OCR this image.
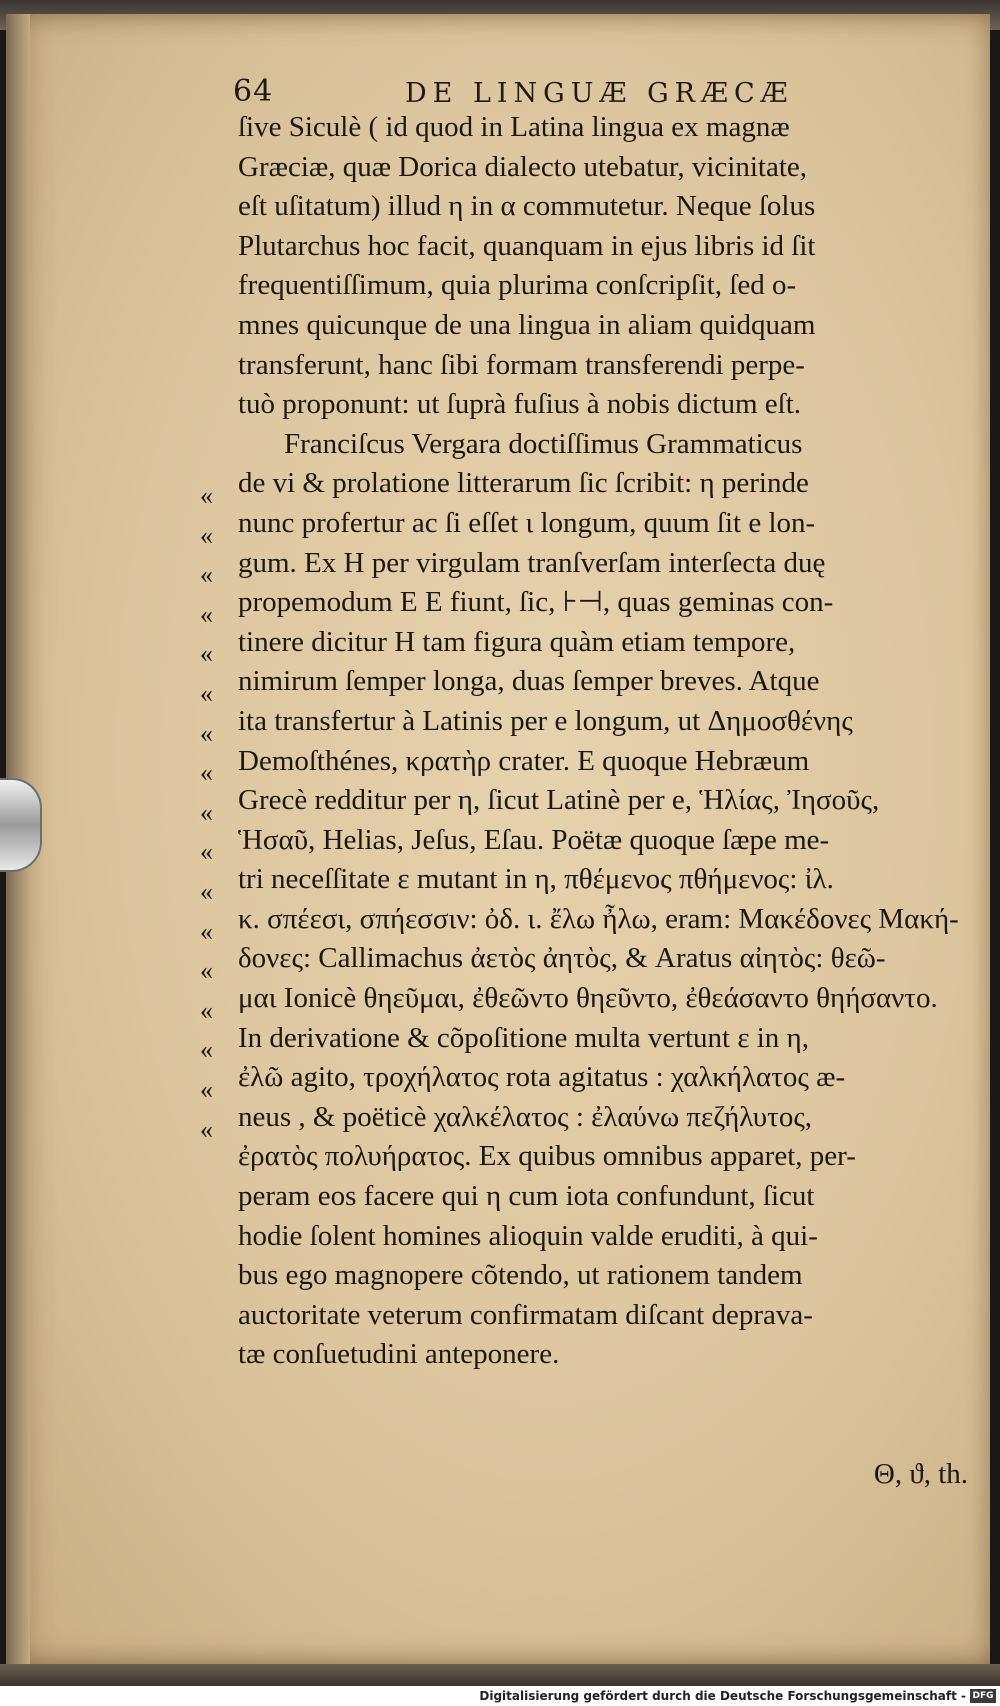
64	DE LINGUÆ GRÆCÆ
«
«
«
«
«
«
«
«
«
«
«
«
«
«
«
«
«
ſive Siculè ( id quod in Latina lingua ex magnæ
Græciæ, quæ Dorica dialecto utebatur, vicinitate,
eſt uſitatum) illud η in α commutetur. Neque ſolus
Plutarchus hoc facit, quanquam in ejus libris id ſit
frequentiſſimum, quia plurima conſcripſit, ſed o-
mnes quicunque de una lingua in aliam quidquam
transferunt, hanc ſibi formam transferendi perpe-
tuò proponunt: ut ſuprà fuſius à nobis dictum eſt.
Franciſcus Vergara doctiſſimus Grammaticus
de vi & prolatione litterarum ſic ſcribit: η perinde
nunc profertur ac ſi eſſet ι longum, quum ſit e lon-
gum. Ex H per virgulam tranſverſam interſecta duę
propemodum E E fiunt, ſic, ⊦⊣, quas geminas con-
tinere dicitur H tam figura quàm etiam tempore,
nimirum ſemper longa, duas ſemper breves. Atque
ita transfertur à Latinis per e longum, ut Δημοσθένης
Demoſthénes, κρατὴρ crater. E quoque Hebræum
Grecè redditur per η, ſicut Latinè per e, Ἡλίας, Ἰησοῦς,
Ἡσαῦ, Helias, Jeſus, Eſau. Poëtæ quoque ſæpe me-
tri neceſſitate ε mutant in η, πθέμενος πθήμενος: ἰλ.
κ. σπέεσι, σπήεσσιν: ὀδ. ι. ἔλω ἦλω, eram: Μακέδονες Μακή-
δονες: Callimachus ἀετὸς ἀητὸς, & Aratus αἰητὸς: θεῶ-
μαι Ionicè θηεῦμαι, ἐθεῶντο θηεῦντο, ἐθεάσαντο θηήσαντο.
In derivatione & cõpoſitione multa vertunt ε in η,
ἐλῶ agito, τροχήλατος rota agitatus : χαλκήλατος æ-
neus , & poëticè χαλκέλατος : ἐλαύνω πεζήλυτος,
ἐρατὸς πολυήρατος. Ex quibus omnibus apparet, per-
peram eos facere qui η cum iota confundunt, ſicut
hodie ſolent homines alioquin valde eruditi, à qui-
bus ego magnopere cõtendo, ut rationem tandem
auctoritate veterum confirmatam diſcant deprava-
tæ conſuetudini anteponere.
Θ, ϑ, th.
Digitalisierung gefördert durch die Deutsche Forschungsgemeinschaft - DFG
